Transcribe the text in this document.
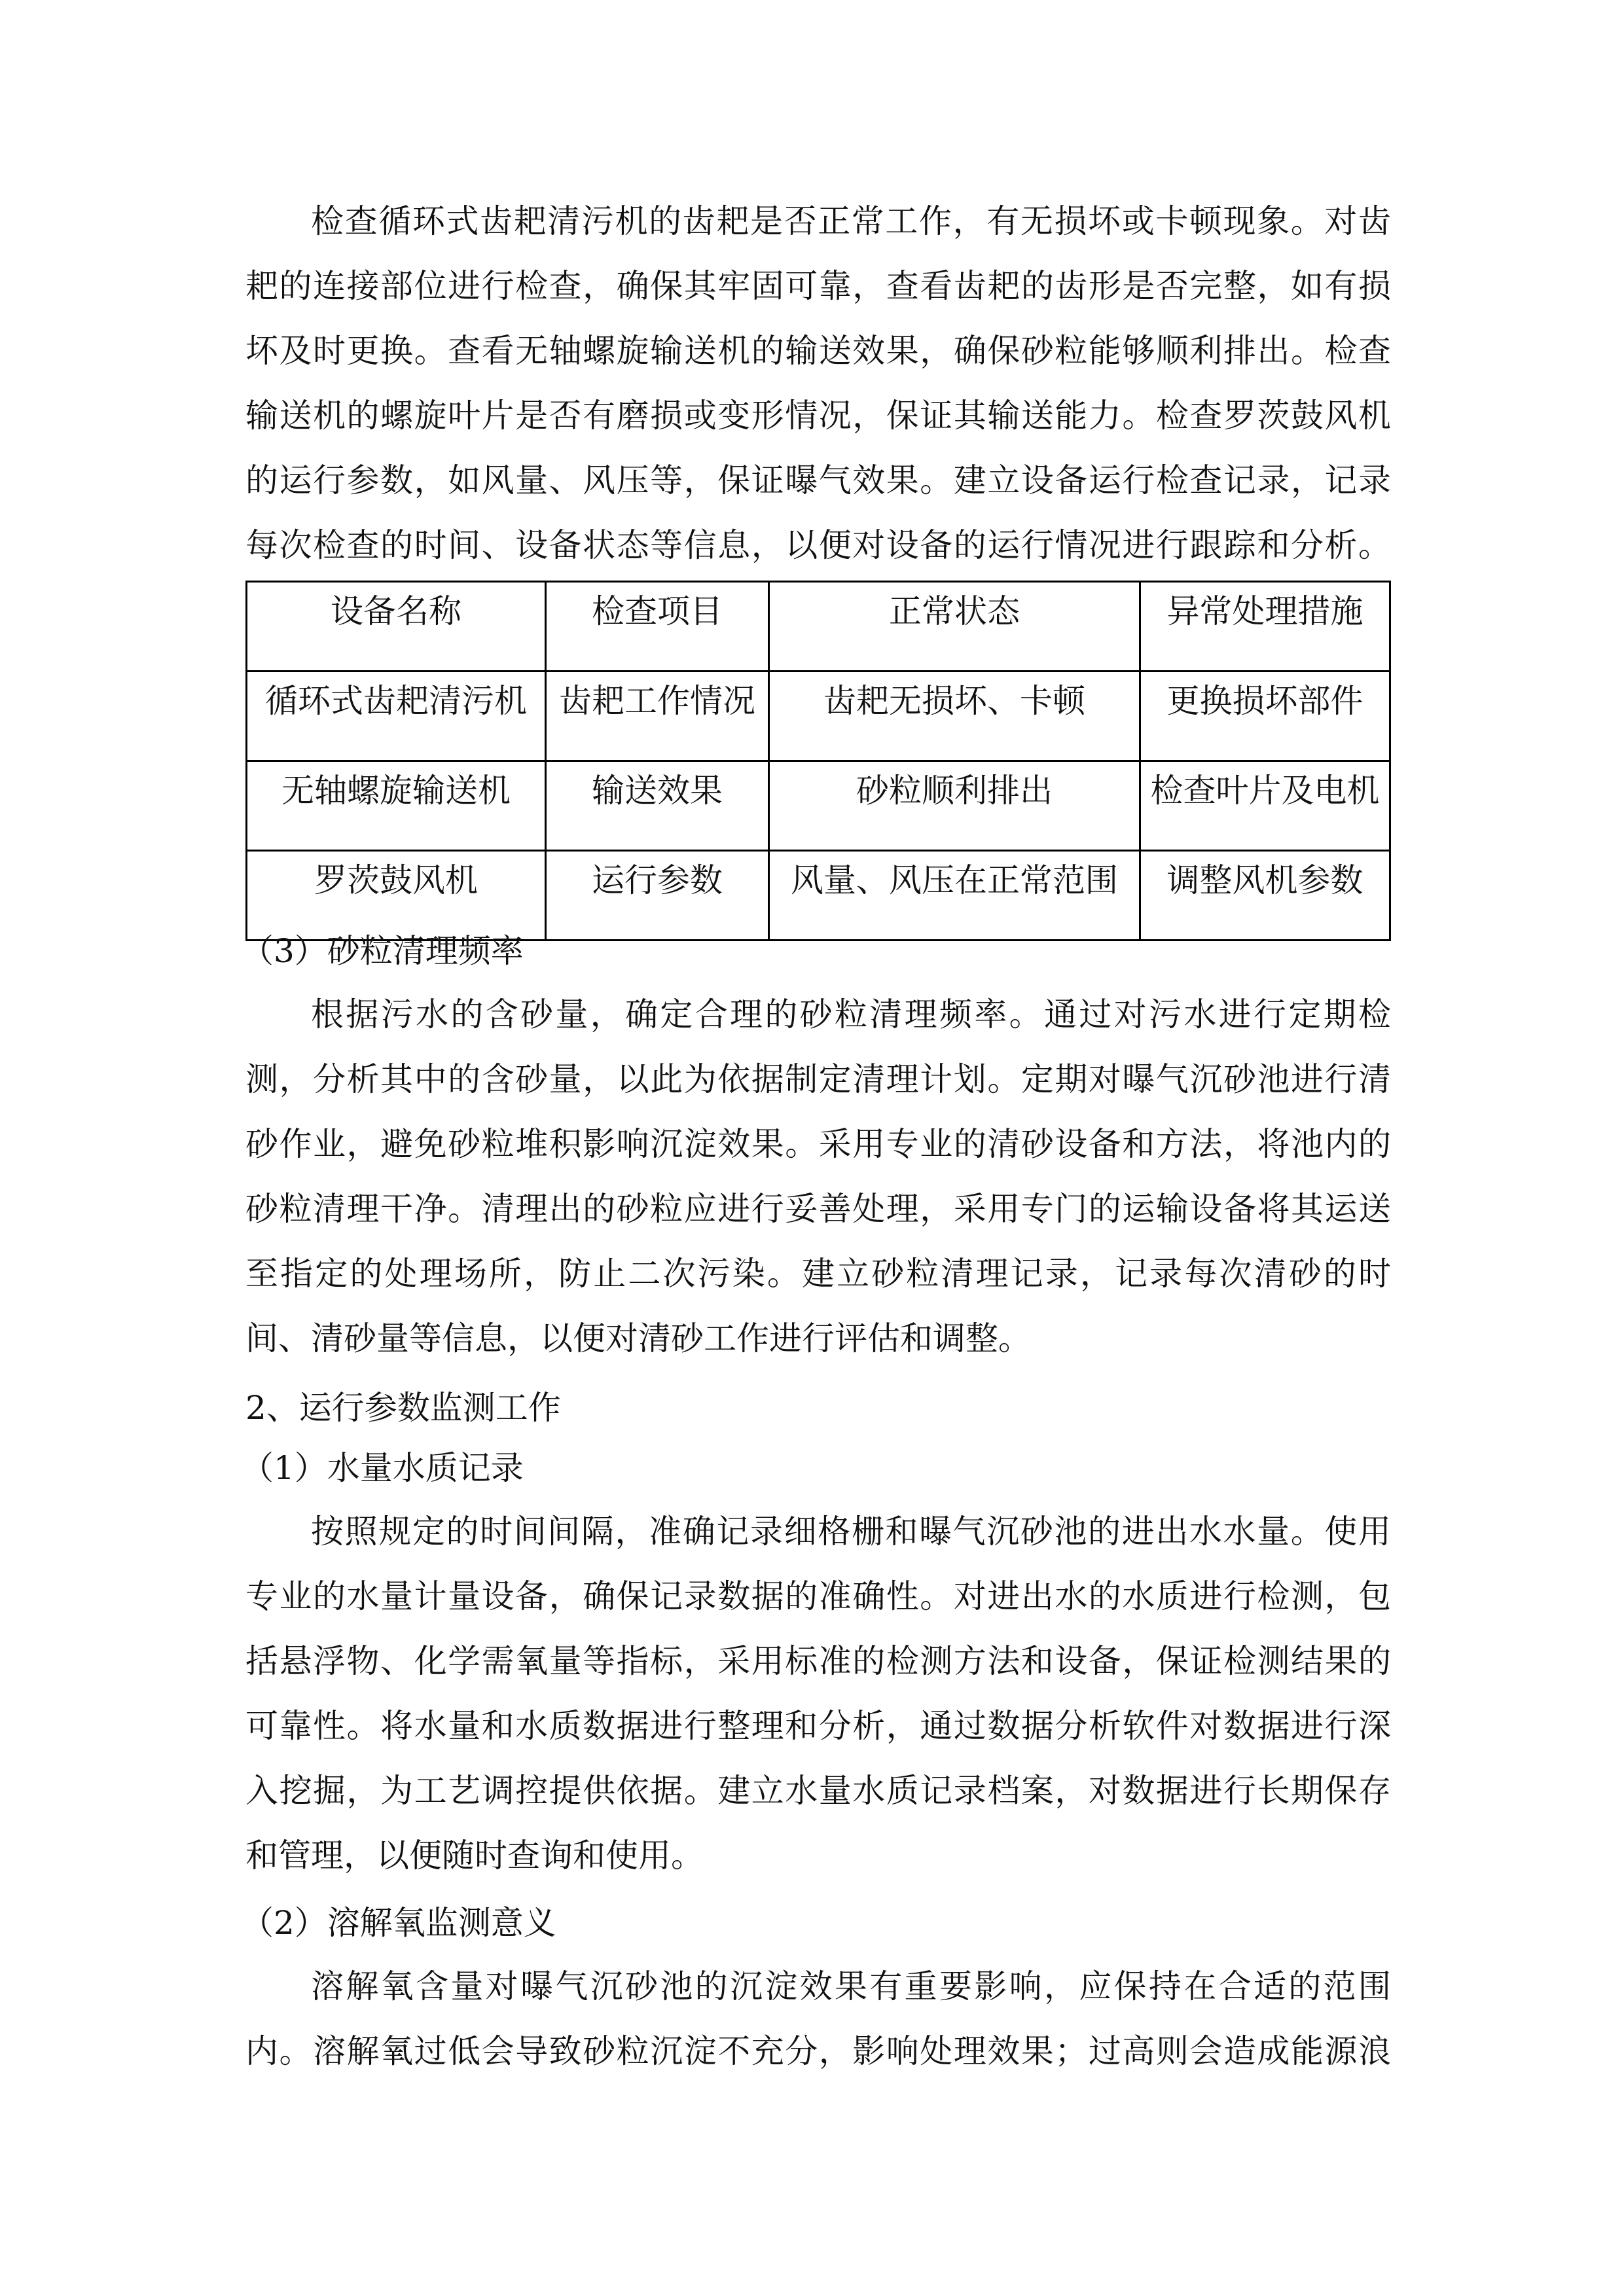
检查循环式齿耙清污机的齿耙是否正常工作，有无损坏或卡顿现象。对齿
耙的连接部位进行检查，确保其牢固可靠，查看齿耙的齿形是否完整，如有损
坏及时更换。查看无轴螺旋输送机的输送效果，确保砂粒能够顺利排出。检查
输送机的螺旋叶片是否有磨损或变形情况，保证其输送能力。检查罗茨鼓风机
的运行参数，如风量、风压等，保证曝气效果。建立设备运行检查记录，记录
每次检查的时间、设备状态等信息，以便对设备的运行情况进行跟踪和分析。
设备名称	检查项目	正常状态	异常处理措施
循环式齿耙清污机	齿耙工作情况	齿耙无损坏、卡顿	更换损坏部件
无轴螺旋输送机	输送效果	砂粒顺利排出	检查叶片及电机
罗茨鼓风机	运行参数	风量、风压在正常范围	调整风机参数
（3）砂粒清理频率
根据污水的含砂量，确定合理的砂粒清理频率。通过对污水进行定期检
测，分析其中的含砂量，以此为依据制定清理计划。定期对曝气沉砂池进行清
砂作业，避免砂粒堆积影响沉淀效果。采用专业的清砂设备和方法，将池内的
砂粒清理干净。清理出的砂粒应进行妥善处理，采用专门的运输设备将其运送
至指定的处理场所，防止二次污染。建立砂粒清理记录，记录每次清砂的时
间、清砂量等信息，以便对清砂工作进行评估和调整。
2、运行参数监测工作
（1）水量水质记录
按照规定的时间间隔，准确记录细格栅和曝气沉砂池的进出水水量。使用
专业的水量计量设备，确保记录数据的准确性。对进出水的水质进行检测，包
括悬浮物、化学需氧量等指标，采用标准的检测方法和设备，保证检测结果的
可靠性。将水量和水质数据进行整理和分析，通过数据分析软件对数据进行深
入挖掘，为工艺调控提供依据。建立水量水质记录档案，对数据进行长期保存
和管理，以便随时查询和使用。
（2）溶解氧监测意义
溶解氧含量对曝气沉砂池的沉淀效果有重要影响，应保持在合适的范围
内。溶解氧过低会导致砂粒沉淀不充分，影响处理效果；过高则会造成能源浪
